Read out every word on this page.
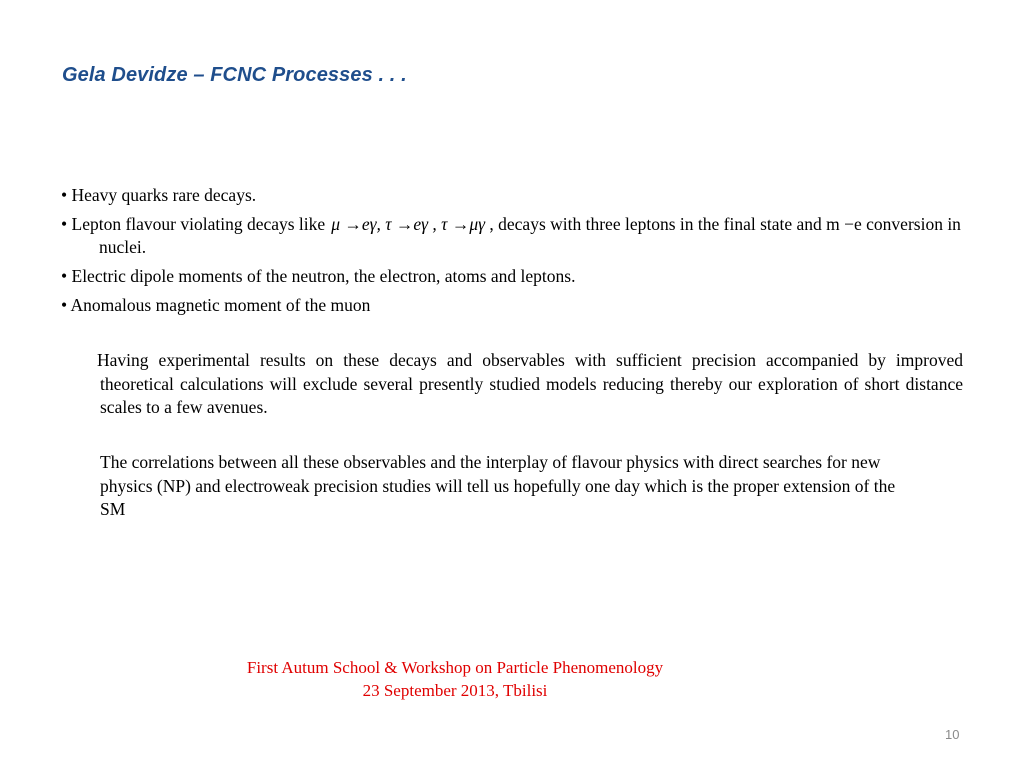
Gela Devidze – FCNC Processes . . .
• Heavy quarks rare decays.
• Lepton flavour violating decays like μ →eγ, τ →eγ , τ →μγ , decays with three leptons in the final state and m −e conversion in nuclei.
• Electric dipole moments of the neutron, the electron, atoms and leptons.
• Anomalous magnetic moment of the muon

Having experimental results on these decays and observables with sufficient precision accompanied by improved theoretical calculations will exclude several presently studied models reducing thereby our exploration of short distance scales to a few avenues.

The correlations between all these observables and the interplay of flavour physics with direct searches for new physics (NP) and electroweak precision studies will tell us hopefully one day which is the proper extension of the SM

First Autum School & Workshop on Particle Phenomenology
23 September 2013, Tbilisi
10
